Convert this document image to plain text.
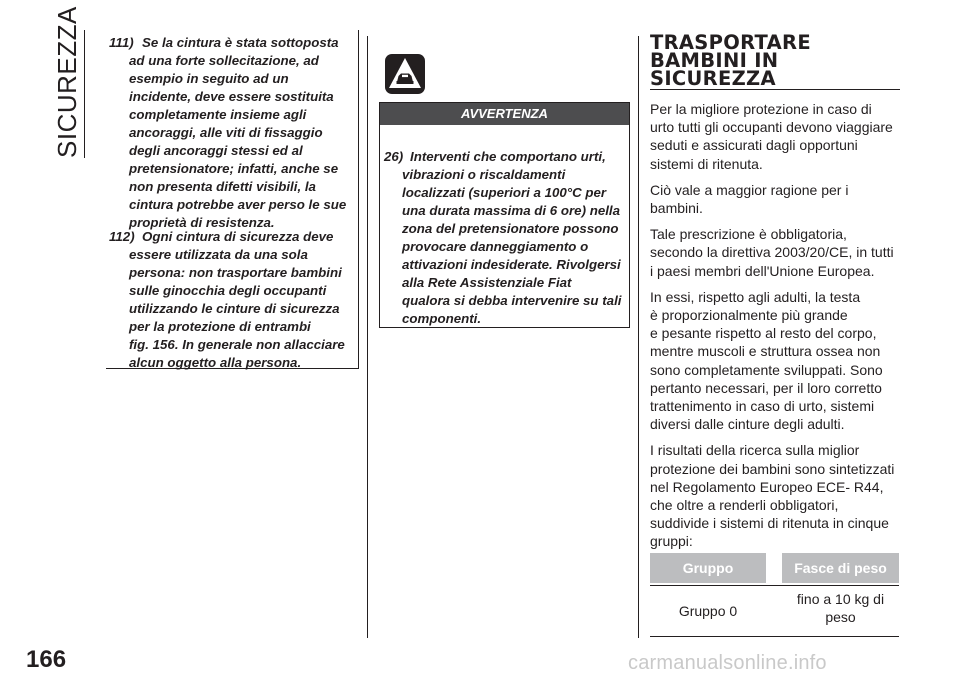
SICUREZZA
166
111) Se la cintura è stata sottoposta
ad una forte sollecitazione, ad
esempio in seguito ad un
incidente, deve essere sostituita
completamente insieme agli
ancoraggi, alle viti di fissaggio
degli ancoraggi stessi ed al
pretensionatore; infatti, anche se
non presenta difetti visibili, la
cintura potrebbe aver perso le sue
proprietà di resistenza.
112) Ogni cintura di sicurezza deve
essere utilizzata da una sola
persona: non trasportare bambini
sulle ginocchia degli occupanti
utilizzando le cinture di sicurezza
per la protezione di entrambi
fig. 156. In generale non allacciare
alcun oggetto alla persona.
AVVERTENZA
26) Interventi che comportano urti,
vibrazioni o riscaldamenti
localizzati (superiori a 100°C per
una durata massima di 6 ore) nella
zona del pretensionatore possono
provocare danneggiamento o
attivazioni indesiderate. Rivolgersi
alla Rete Assistenziale Fiat
qualora si debba intervenire su tali
componenti.
TRASPORTARE
BAMBINI IN
SICUREZZA

Per la migliore protezione in caso di
urto tutti gli occupanti devono viaggiare
seduti e assicurati dagli opportuni
sistemi di ritenuta.

Ciò vale a maggior ragione per i
bambini.

Tale prescrizione è obbligatoria,
secondo la direttiva 2003/20/CE, in tutti
i paesi membri dell'Unione Europea.

In essi, rispetto agli adulti, la testa
è proporzionalmente più grande
e pesante rispetto al resto del corpo,
mentre muscoli e struttura ossea non
sono completamente sviluppati. Sono
pertanto necessari, per il loro corretto
trattenimento in caso di urto, sistemi
diversi dalle cinture degli adulti.

I risultati della ricerca sulla miglior
protezione dei bambini sono sintetizzati
nel Regolamento Europeo ECE- R44,
che oltre a renderli obbligatori,
suddivide i sistemi di ritenuta in cinque
gruppi:

Gruppo	Fasce di peso
Gruppo 0
fino a 10 kg di
peso
carmanualsonline.info
